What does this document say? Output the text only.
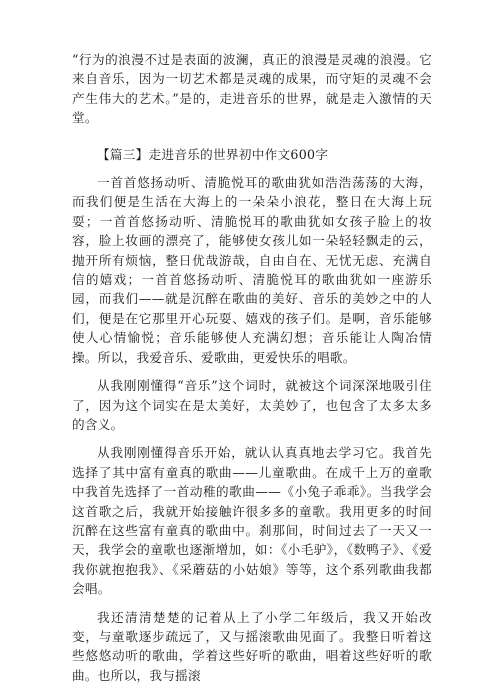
“行为的浪漫不过是表面的波澜，真正的浪漫是灵魂的浪漫。它来自音乐，因为一切艺术都是灵魂的成果，而守矩的灵魂不会产生伟大的艺术。”是的，走进音乐的世界，就是走入激情的天堂。

【篇三】走进音乐的世界初中作文600字

一首首悠扬动听、清脆悦耳的歌曲犹如浩浩荡荡的大海，而我们便是生活在大海上的一朵朵小浪花，整日在大海上玩耍；一首首悠扬动听、清脆悦耳的歌曲犹如女孩子脸上的妆容，脸上妆画的漂亮了，能够使女孩儿如一朵轻轻飘走的云，抛开所有烦恼，整日优哉游哉，自由自在、无忧无虑、充满自信的嬉戏；一首首悠扬动听、清脆悦耳的歌曲犹如一座游乐园，而我们——就是沉醉在歌曲的美好、音乐的美妙之中的人们，便是在它那里开心玩耍、嬉戏的孩子们。是啊，音乐能够使人心情愉悦；音乐能够使人充满幻想；音乐能让人陶冶情操。所以，我爱音乐、爱歌曲，更爱快乐的唱歌。

从我刚刚懂得“音乐”这个词时，就被这个词深深地吸引住了，因为这个词实在是太美好，太美妙了，也包含了太多太多的含义。

从我刚刚懂得音乐开始，就认认真真地去学习它。我首先选择了其中富有童真的歌曲——儿童歌曲。在成千上万的童歌中我首先选择了一首动稚的歌曲——《小兔子乖乖》。当我学会这首歌之后，我就开始接触许很多多的童歌。我用更多的时间沉醉在这些富有童真的歌曲中。刹那间，时间过去了一天又一天，我学会的童歌也逐渐增加，如：《小毛驴》，《数鸭子》、《爱我你就抱抱我》、《采蘑菇的小姑娘》等等，这个系列歌曲我都会唱。

我还清清楚楚的记着从上了小学二年级后，我又开始改变，与童歌逐步疏远了，又与摇滚歌曲见面了。我整日听着这些悠悠动听的歌曲，学着这些好听的歌曲，唱着这些好听的歌曲。也所以，我与摇滚
